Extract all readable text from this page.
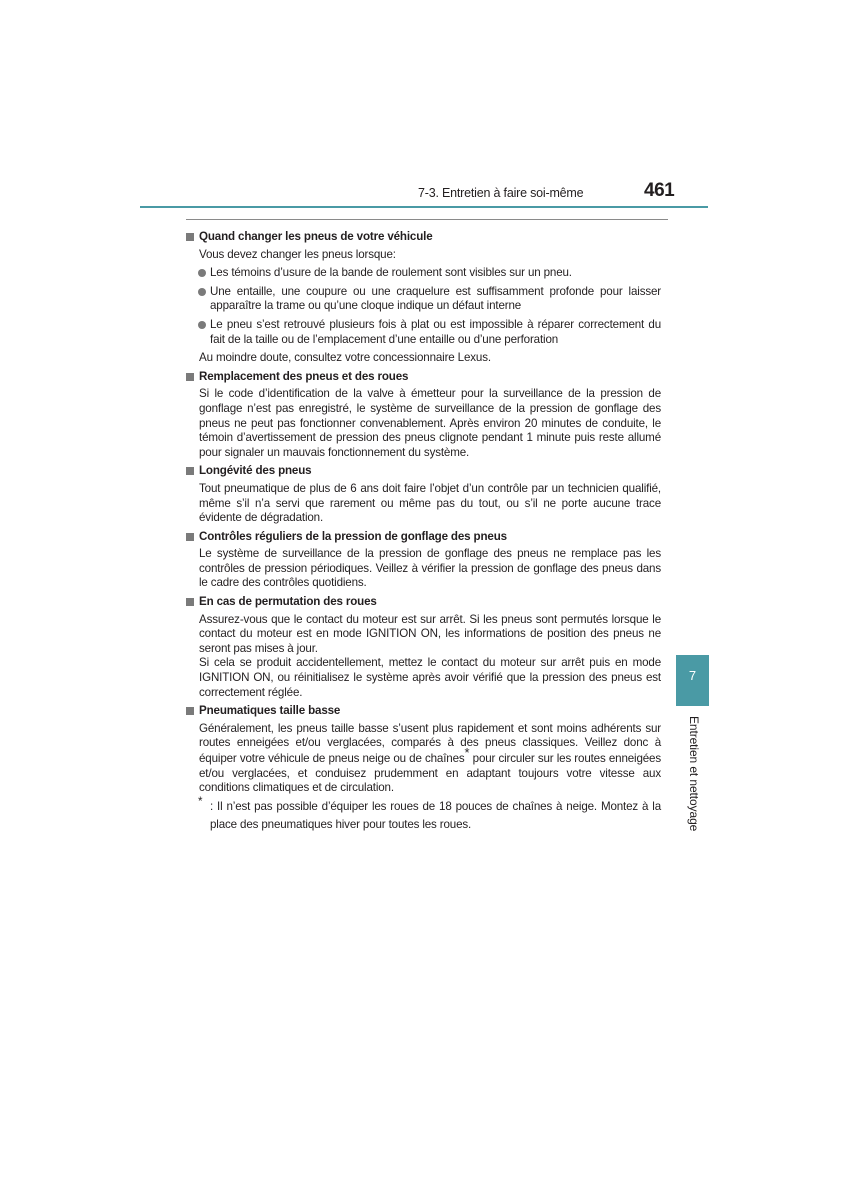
7-3. Entretien à faire soi-même	461
7
Entretien et nettoyage
Quand changer les pneus de votre véhicule
Vous devez changer les pneus lorsque:
Les témoins d’usure de la bande de roulement sont visibles sur un pneu.
Une entaille, une coupure ou une craquelure est suffisamment profonde pour laisser apparaître la trame ou qu’une cloque indique un défaut interne
Le pneu s’est retrouvé plusieurs fois à plat ou est impossible à réparer correctement du fait de la taille ou de l’emplacement d’une entaille ou d’une perforation
Au moindre doute, consultez votre concessionnaire Lexus.
Remplacement des pneus et des roues
Si le code d’identification de la valve à émetteur pour la surveillance de la pression de gonflage n’est pas enregistré, le système de surveillance de la pression de gonflage des pneus ne peut pas fonctionner convenablement. Après environ 20 minutes de conduite, le témoin d’avertissement de pression des pneus clignote pendant 1 minute puis reste allumé pour signaler un mauvais fonctionnement du système.
Longévité des pneus
Tout pneumatique de plus de 6 ans doit faire l’objet d’un contrôle par un technicien qualifié, même s’il n’a servi que rarement ou même pas du tout, ou s’il ne porte aucune trace évidente de dégradation.
Contrôles réguliers de la pression de gonflage des pneus
Le système de surveillance de la pression de gonflage des pneus ne remplace pas les contrôles de pression périodiques. Veillez à vérifier la pression de gonflage des pneus dans le cadre des contrôles quotidiens.
En cas de permutation des roues
Assurez-vous que le contact du moteur est sur arrêt. Si les pneus sont permutés lorsque le contact du moteur est en mode IGNITION ON, les informations de position des pneus ne seront pas mises à jour.
Si cela se produit accidentellement, mettez le contact du moteur sur arrêt puis en mode IGNITION ON, ou réinitialisez le système après avoir vérifié que la pression des pneus est correctement réglée.
Pneumatiques taille basse
Généralement, les pneus taille basse s’usent plus rapidement et sont moins adhérents sur routes enneigées et/ou verglacées, comparés à des pneus classiques. Veillez donc à équiper votre véhicule de pneus neige ou de chaînes* pour circuler sur les routes enneigées et/ou verglacées, et conduisez prudemment en adaptant toujours votre vitesse aux conditions climatiques et de circulation.
* : Il n’est pas possible d’équiper les roues de 18 pouces de chaînes à neige. Montez à la place des pneumatiques hiver pour toutes les roues.
